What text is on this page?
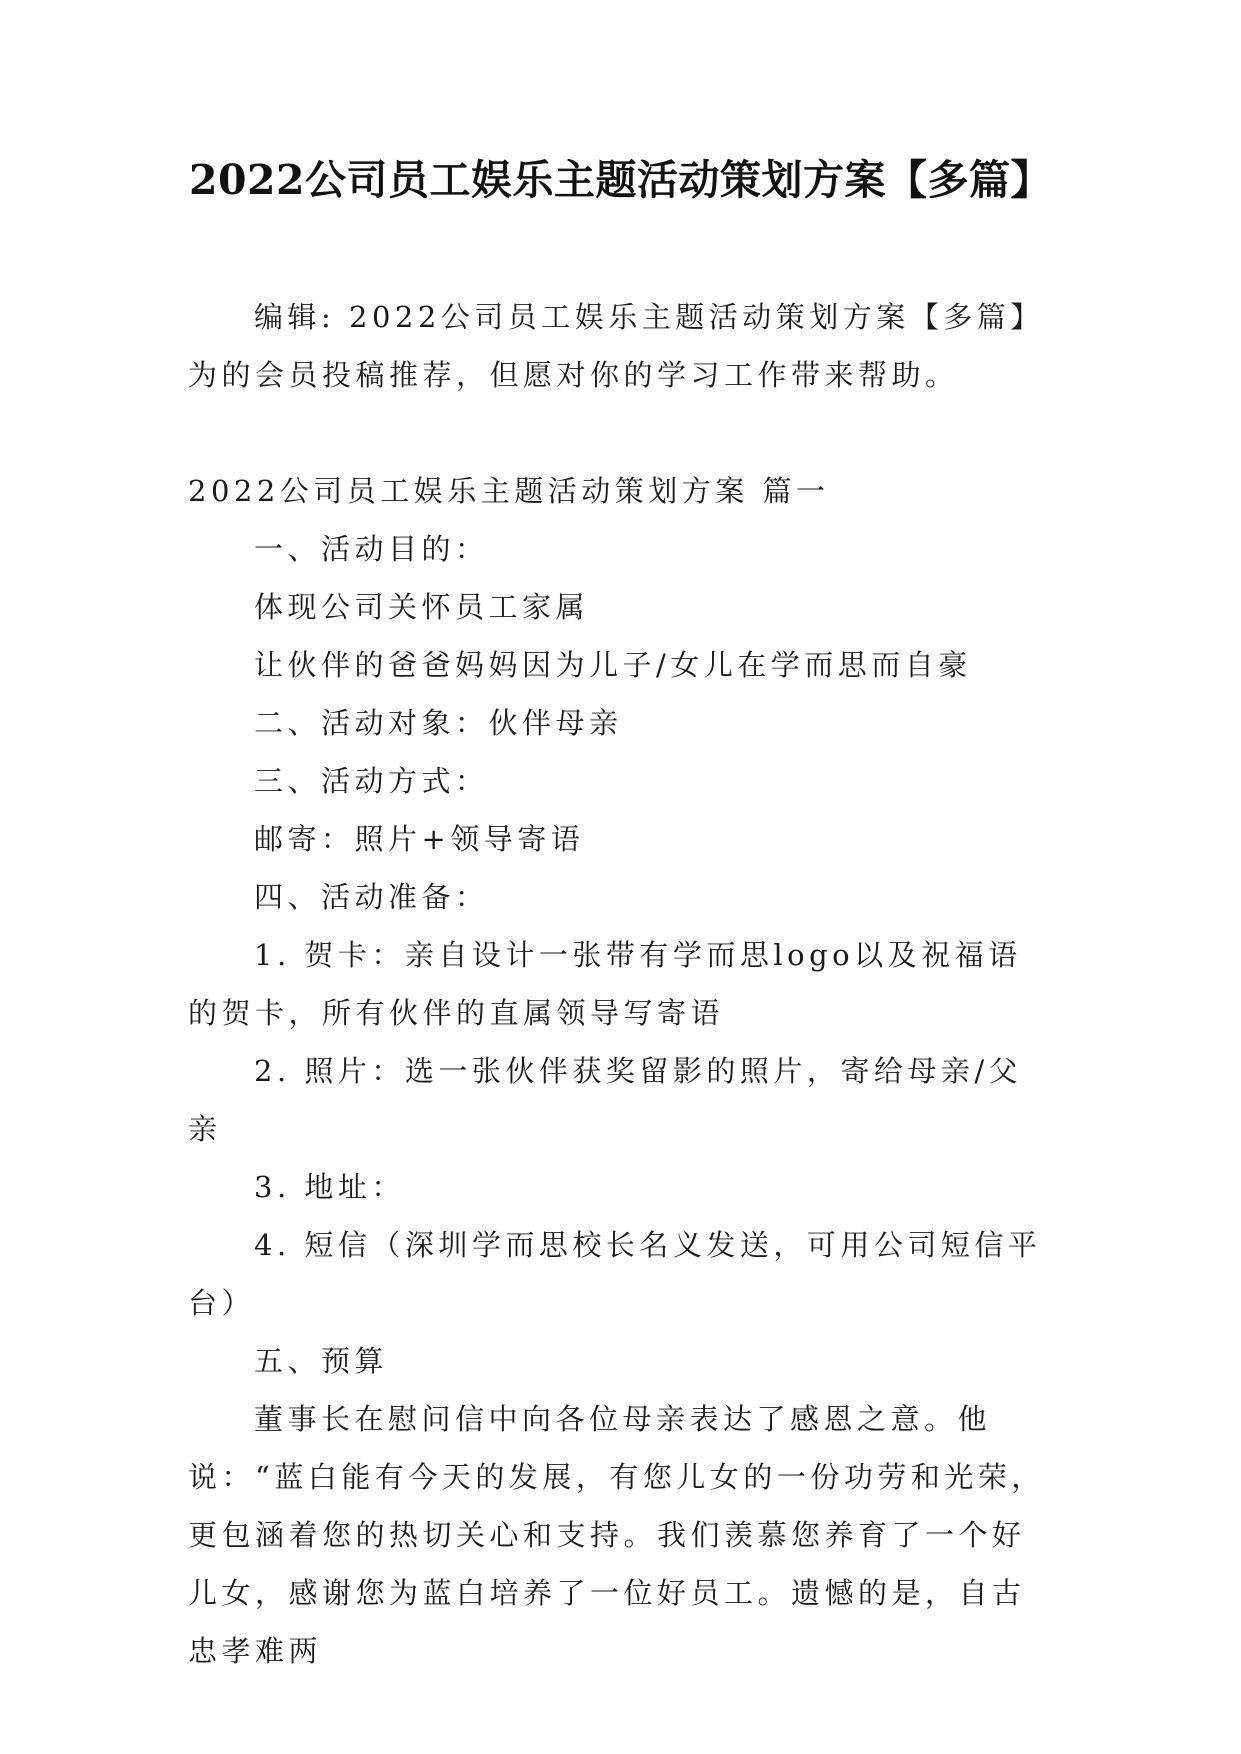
2022公司员工娱乐主题活动策划方案【多篇】

编辑: 2022公司员工娱乐主题活动策划方案【多篇】为的会员投稿推荐，但愿对你的学习工作带来帮助。

2022公司员工娱乐主题活动策划方案 篇一

一、活动目的：

体现公司关怀员工家属

让伙伴的爸爸妈妈因为儿子/女儿在学而思而自豪

二、活动对象：伙伴母亲

三、活动方式：

邮寄：照片+领导寄语

四、活动准备：

1. 贺卡：亲自设计一张带有学而思logo以及祝福语的贺卡，所有伙伴的直属领导写寄语

2. 照片：选一张伙伴获奖留影的照片，寄给母亲/父亲

3. 地址：

4. 短信（深圳学而思校长名义发送，可用公司短信平台）

五、预算

董事长在慰问信中向各位母亲表达了感恩之意。他说：“蓝白能有今天的发展，有您儿女的一份功劳和光荣，更包涵着您的热切关心和支持。我们羡慕您养育了一个好儿女，感谢您为蓝白培养了一位好员工。遗憾的是，自古忠孝难两
